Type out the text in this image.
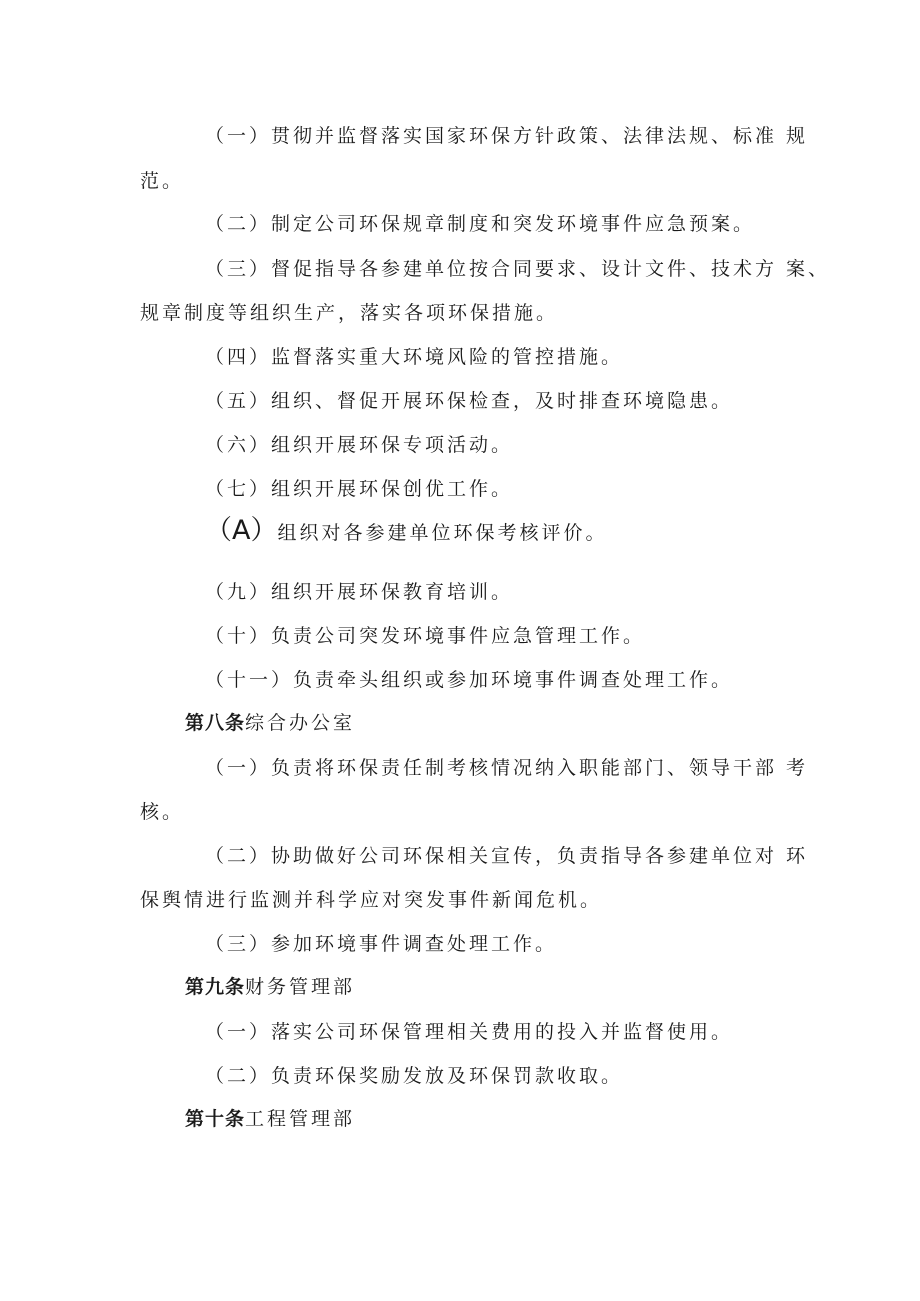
（一）贯彻并监督落实国家环保方针政策、法律法规、标准 规
范。
（二）制定公司环保规章制度和突发环境事件应急预案。
（三）督促指导各参建单位按合同要求、设计文件、技术方 案、
规章制度等组织生产，落实各项环保措施。
（四）监督落实重大环境风险的管控措施。
（五）组织、督促开展环保检查，及时排查环境隐患。
（六）组织开展环保专项活动。
（七）组织开展环保创优工作。
（A）组织对各参建单位环保考核评价。
（九）组织开展环保教育培训。
（十）负责公司突发环境事件应急管理工作。
（十一）负责牵头组织或参加环境事件调查处理工作。
第八条综合办公室
（一）负责将环保责任制考核情况纳入职能部门、领导干部 考
核。
（二）协助做好公司环保相关宣传，负责指导各参建单位对 环
保舆情进行监测并科学应对突发事件新闻危机。
（三）参加环境事件调查处理工作。
第九条财务管理部
（一）落实公司环保管理相关费用的投入并监督使用。
（二）负责环保奖励发放及环保罚款收取。
第十条工程管理部
